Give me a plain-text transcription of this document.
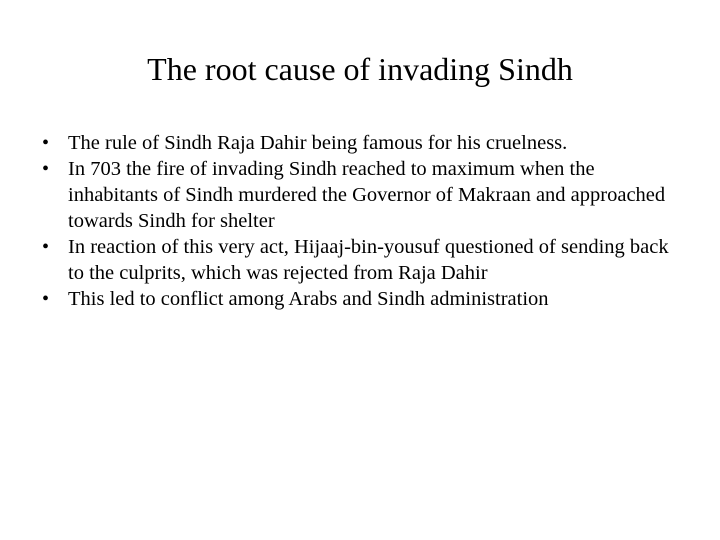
The root cause of invading Sindh
• The rule of Sindh Raja Dahir being famous for his cruelness.
• In 703 the fire of invading Sindh reached to maximum when the inhabitants of Sindh murdered the Governor of Makraan and approached towards Sindh for shelter
• In reaction of this very act, Hijaaj-bin-yousuf questioned of sending back to the culprits, which was rejected from Raja Dahir
• This led to conflict among Arabs and Sindh administration
